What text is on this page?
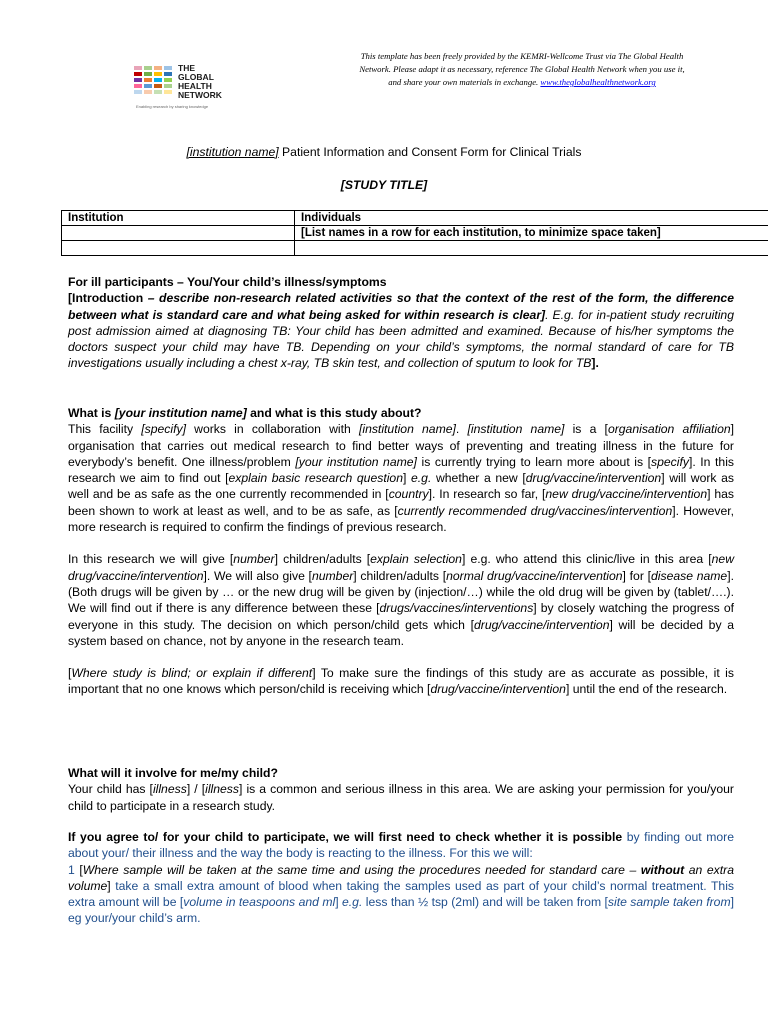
THE
GLOBAL
HEALTH
NETWORK
Enabling research by sharing knowledge
This template has been freely provided by the KEMRI-Wellcome Trust via The Global Health
Network. Please adapt it as necessary, reference The Global Health Network when you use it,
and share your own materials in exchange. www.theglobalhealthnetwork.org
[institution name] Patient Information and Consent Form for Clinical Trials
[STUDY TITLE]
Institution	Individuals

	[List names in a row for each institution, to minimize space taken]

For ill participants – You/Your child’s illness/symptoms

[Introduction – describe non-research related activities so that the context of the rest of the form, the difference between what is standard care and what being asked for within research is clear]. E.g. for in-patient study recruiting post admission aimed at diagnosing TB: Your child has been admitted and examined. Because of his/her symptoms the doctors suspect your child may have TB. Depending on your child’s symptoms, the normal standard of care for TB investigations usually including a chest x-ray, TB skin test, and collection of sputum to look for TB].

What is [your institution name] and what is this study about?

This facility [specify] works in collaboration with [institution name]. [institution name] is a [organisation affiliation] organisation that carries out medical research to find better ways of preventing and treating illness in the future for everybody’s benefit. One illness/problem [your institution name] is currently trying to learn more about is [specify]. In this research we aim to find out [explain basic research question] e.g. whether a new [drug/vaccine/intervention] will work as well and be as safe as the one currently recommended in [country]. In research so far, [new drug/vaccine/intervention] has been shown to work at least as well, and to be as safe, as [currently recommended drug/vaccines/intervention]. However, more research is required to confirm the findings of previous research.

In this research we will give [number] children/adults [explain selection] e.g. who attend this clinic/live in this area [new drug/vaccine/intervention]. We will also give [number] children/adults [normal drug/vaccine/intervention] for [disease name]. (Both drugs will be given by … or the new drug will be given by (injection/…) while the old drug will be given by (tablet/….). We will find out if there is any difference between these [drugs/vaccines/interventions] by closely watching the progress of everyone in this study. The decision on which person/child gets which [drug/vaccine/intervention] will be decided by a system based on chance, not by anyone in the research team.

[Where study is blind; or explain if different] To make sure the findings of this study are as accurate as possible, it is important that no one knows which person/child is receiving which [drug/vaccine/intervention] until the end of the research.

What will it involve for me/my child?

Your child has [illness] / [illness] is a common and serious illness in this area. We are asking your permission for you/your child to participate in a research study.

If you agree to/ for your child to participate, we will first need to check whether it is possible by finding out more about your/ their illness and the way the body is reacting to the illness. For this we will:

1 [Where sample will be taken at the same time and using the procedures needed for standard care – without an extra volume] take a small extra amount of blood when taking the samples used as part of your child’s normal treatment. This extra amount will be [volume in teaspoons and ml] e.g. less than ½ tsp (2ml) and will be taken from [site sample taken from] eg your/your child’s arm.
